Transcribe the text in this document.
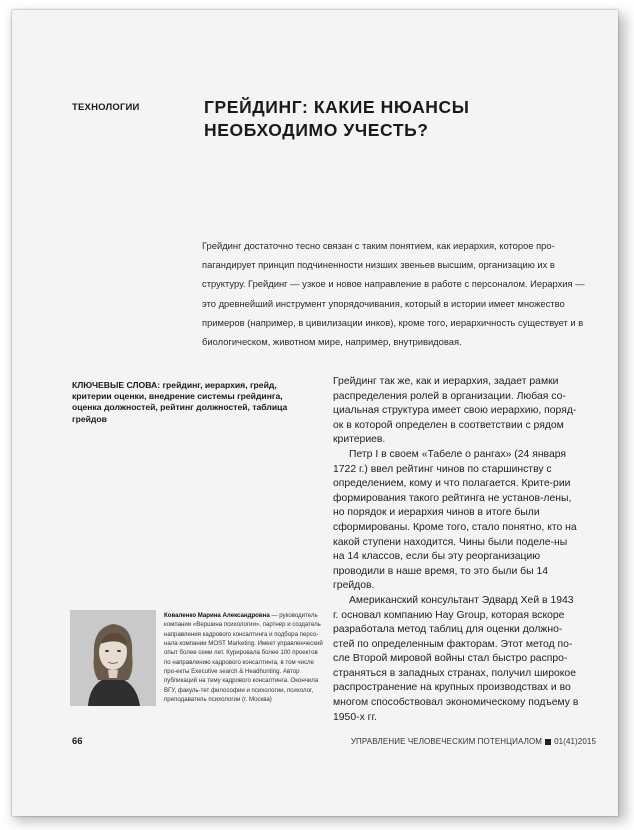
ТЕХНОЛОГИИ	ГРЕЙДИНГ: КАКИЕ НЮАНСЫ НЕОБХОДИМО УЧЕСТЬ?
Грейдинг достаточно тесно связан с таким понятием, как иерархия, которое про-пагандирует принцип подчиненности низших звеньев высшим, организацию их в структуру. Грейдинг — узкое и новое направление в работе с персоналом. Иерархия — это древнейший инструмент упорядочивания, который в истории имеет множество примеров (например, в цивилизации инков), кроме того, иерархичность существует и в биологическом, животном мире, например, внутривидовая.
КЛЮЧЕВЫЕ СЛОВА: грейдинг, иерархия, грейд, критерии оценки, внедрение системы грейдинга, оценка должностей, рейтинг должностей, таблица грейдов

Грейдинг так же, как и иерархия, задает рамки распределения ролей в организации. Любая со-циальная структура имеет свою иерархию, поряд-ок в которой определен в соответствии с рядом критериев.

Петр I в своем «Табеле о рангах» (24 января 1722 г.) ввел рейтинг чинов по старшинству с определением, кому и что полагается. Крите-рии формирования такого рейтинга не установ-лены, но порядок и иерархия чинов в итоге были сформированы. Кроме того, стало понятно, кто на какой ступени находится. Чины были поделе-ны на 14 классов, если бы эту реорганизацию проводили в наше время, то это были бы 14 грейдов.

Американский консультант Эдвард Хей в 1943 г. основал компанию Hay Group, которая вскоре разработала метод таблиц для оценки должно-стей по определенным факторам. Этот метод по-сле Второй мировой войны стал быстро распро-страняться в западных странах, получил широкое распространение на крупных производствах и во многом способствовал экономическому подъему в 1950-х гг.

Коваленко Марина Александровна — руководитель компании «Вершина психологии», партнер и создатель направления кадрового консалтинга и подбора персо-нала компании MOST Marketing. Имеет управленческий опыт более семи лет. Курировала более 100 проектов по направлению кадрового консалтинга, в том числе про-екты Executive search & Headhunting. Автор публикаций на тему кадрового консалтинга. Окончила ВГУ, факуль-тет философии и психологии, психолог, преподаватель психологии (г. Москва)
66	УПРАВЛЕНИЕ ЧЕЛОВЕЧЕСКИМ ПОТЕНЦИАЛОМ 01(41)2015
